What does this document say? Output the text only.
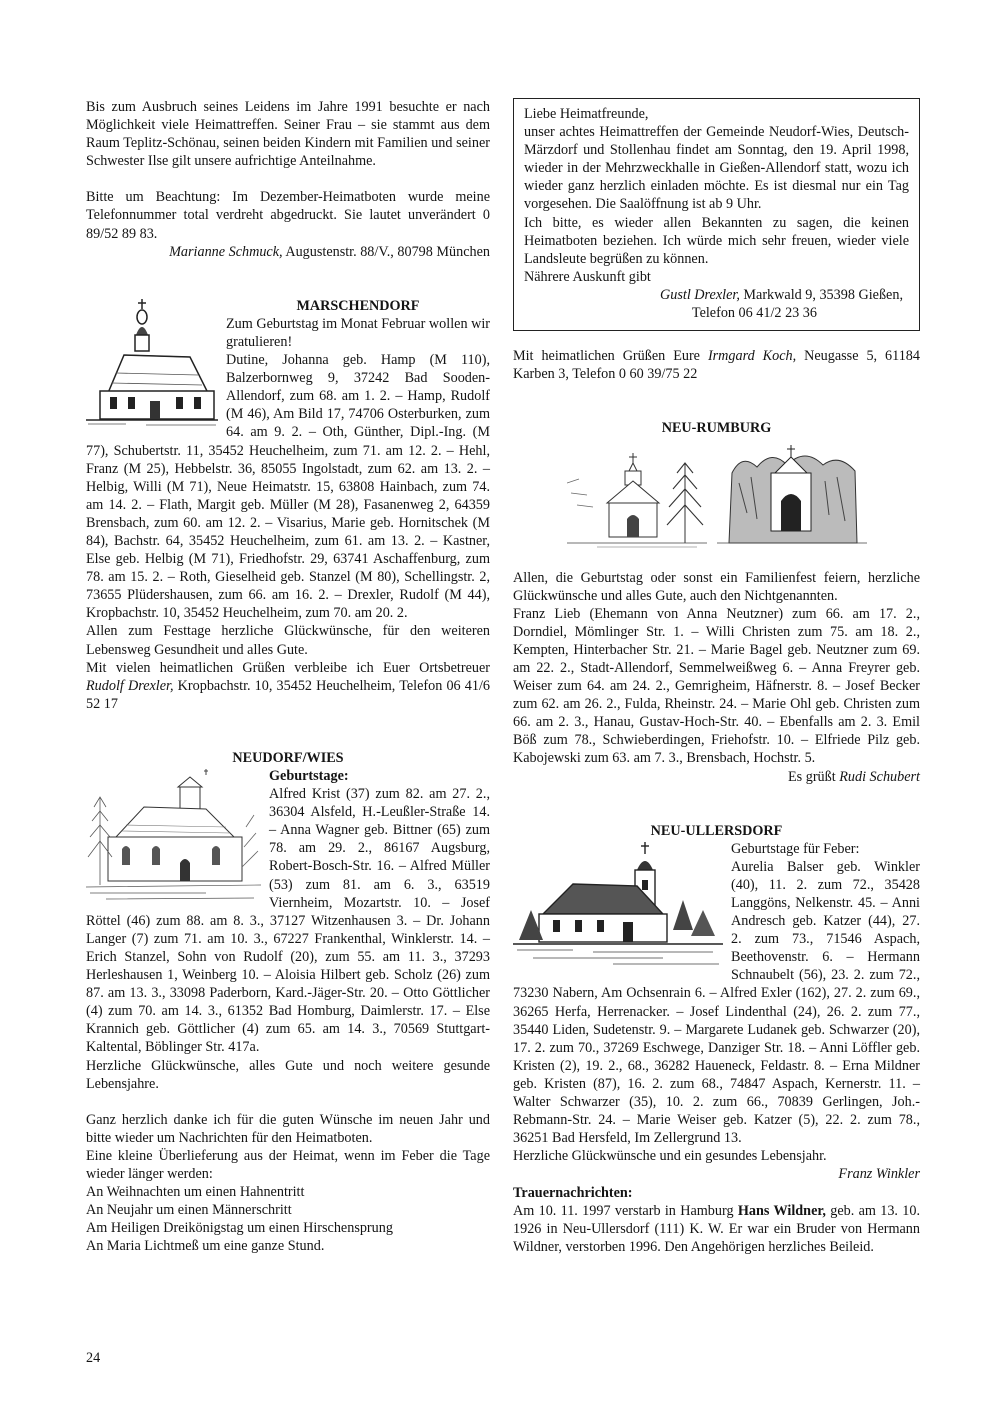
Bis zum Ausbruch seines Leidens im Jahre 1991 besuchte er nach Möglichkeit viele Heimattreffen. Seiner Frau – sie stammt aus dem Raum Teplitz-Schönau, seinen beiden Kindern mit Familien und seiner Schwester Ilse gilt unsere aufrichtige Anteilnahme.

Bitte um Beachtung: Im Dezember-Heimatboten wurde meine Telefonnummer total verdreht abgedruckt. Sie lautet unverändert 0 89/52 89 83.

Marianne Schmuck, Augustenstr. 88/V., 80798 München

MARSCHENDORF

Zum Geburtstag im Monat Februar wollen wir gratulieren!

Dutine, Johanna geb. Hamp (M 110), Balzerbornweg 9, 37242 Bad Sooden-Allendorf, zum 68. am 1. 2. – Hamp, Rudolf (M 46), Am Bild 17, 74706 Osterburken, zum 64. am 9. 2. – Oth, Günther, Dipl.-Ing. (M 77), Schubertstr. 11, 35452 Heuchelheim, zum 71. am 12. 2. – Hehl, Franz (M 25), Hebbelstr. 36, 85055 Ingolstadt, zum 62. am 13. 2. – Helbig, Willi (M 71), Neue Heimatstr. 15, 63808 Hainbach, zum 74. am 14. 2. – Flath, Margit geb. Müller (M 28), Fasanenweg 2, 64359 Brensbach, zum 60. am 12. 2. – Visarius, Marie geb. Hornitschek (M 84), Bachstr. 64, 35452 Heuchelheim, zum 61. am 13. 2. – Kastner, Else geb. Helbig (M 71), Friedhofstr. 29, 63741 Aschaffenburg, zum 78. am 15. 2. – Roth, Gieselheid geb. Stanzel (M 80), Schellingstr. 2, 73655 Plüdershausen, zum 66. am 16. 2. – Drexler, Rudolf (M 44), Kropbachstr. 10, 35452 Heuchelheim, zum 70. am 20. 2.

Allen zum Festtage herzliche Glückwünsche, für den weiteren Lebensweg Gesundheit und alles Gute.

Mit vielen heimatlichen Grüßen verbleibe ich Euer Ortsbetreuer Rudolf Drexler, Kropbachstr. 10, 35452 Heuchelheim, Telefon 06 41/6 52 17

NEUDORF/WIES

Geburtstage:

Alfred Krist (37) zum 82. am 27. 2., 36304 Alsfeld, H.-Leußler-Straße 14. – Anna Wagner geb. Bittner (65) zum 78. am 29. 2., 86167 Augsburg, Robert-Bosch-Str. 16. – Alfred Müller (53) zum 81. am 6. 3., 63519 Viernheim, Mozartstr. 10. – Josef Röttel (46) zum 88. am 8. 3., 37127 Witzenhausen 3. – Dr. Johann Langer (7) zum 71. am 10. 3., 67227 Frankenthal, Winklerstr. 14. – Erich Stanzel, Sohn von Rudolf (20), zum 55. am 11. 3., 37293 Herleshausen 1, Weinberg 10. – Aloisia Hilbert geb. Scholz (26) zum 87. am 13. 3., 33098 Paderborn, Kard.-Jäger-Str. 20. – Otto Göttlicher (4) zum 70. am 14. 3., 61352 Bad Homburg, Daimlerstr. 17. – Else Krannich geb. Göttlicher (4) zum 65. am 14. 3., 70569 Stuttgart-Kaltental, Böblinger Str. 417a.

Herzliche Glückwünsche, alles Gute und noch weitere gesunde Lebensjahre.

Ganz herzlich danke ich für die guten Wünsche im neuen Jahr und bitte wieder um Nachrichten für den Heimatboten.

Eine kleine Überlieferung aus der Heimat, wenn im Feber die Tage wieder länger werden:

An Weihnachten um einen Hahnentritt
An Neujahr um einen Männerschritt
Am Heiligen Dreikönigstag um einen Hirschensprung
An Maria Lichtmeß um eine ganze Stund.

Liebe Heimatfreunde,

unser achtes Heimattreffen der Gemeinde Neudorf-Wies, Deutsch-Märzdorf und Stollenhau findet am Sonntag, den 19. April 1998, wieder in der Mehrzweckhalle in Gießen-Allendorf statt, wozu ich wieder ganz herzlich einladen möchte. Es ist diesmal nur ein Tag vorgesehen. Die Saalöffnung ist ab 9 Uhr.

Ich bitte, es wieder allen Bekannten zu sagen, die keinen Heimatboten beziehen. Ich würde mich sehr freuen, wieder viele Landsleute begrüßen zu können.

Nährere Auskunft gibt

Gustl Drexler, Markwald 9, 35398 Gießen,
Telefon 06 41/2 23 36

Mit heimatlichen Grüßen Eure Irmgard Koch, Neugasse 5, 61184 Karben 3, Telefon 0 60 39/75 22

NEU-RUMBURG

Allen, die Geburtstag oder sonst ein Familienfest feiern, herzliche Glückwünsche und alles Gute, auch den Nichtgenannten.

Franz Lieb (Ehemann von Anna Neutzner) zum 66. am 17. 2., Dorndiel, Mömlinger Str. 1. – Willi Christen zum 75. am 18. 2., Kempten, Hinterbacher Str. 21. – Marie Bagel geb. Neutzner zum 69. am 22. 2., Stadt-Allendorf, Semmelweißweg 6. – Anna Freyrer geb. Weiser zum 64. am 24. 2., Gemrigheim, Häfnerstr. 8. – Josef Becker zum 62. am 26. 2., Fulda, Rheinstr. 24. – Marie Ohl geb. Christen zum 66. am 2. 3., Hanau, Gustav-Hoch-Str. 40. – Ebenfalls am 2. 3. Emil Böß zum 78., Schwieberdingen, Friehofstr. 10. – Elfriede Pilz geb. Kabojewski zum 63. am 7. 3., Brensbach, Hochstr. 5.

Es grüßt Rudi Schubert

NEU-ULLERSDORF

Geburtstage für Feber:

Aurelia Balser geb. Winkler (40), 11. 2. zum 72., 35428 Langgöns, Nelkenstr. 45. – Anni Andresch geb. Katzer (44), 27. 2. zum 73., 71546 Aspach, Beethovenstr. 6. – Hermann Schnaubelt (56), 23. 2. zum 72., 73230 Nabern, Am Ochsenrain 6. – Alfred Exler (162), 27. 2. zum 69., 36265 Herfa, Herrenacker. – Josef Lindenthal (24), 26. 2. zum 77., 35440 Liden, Sudetenstr. 9. – Margarete Ludanek geb. Schwarzer (20), 17. 2. zum 70., 37269 Eschwege, Danziger Str. 18. – Anni Löffler geb. Kristen (2), 19. 2., 68., 36282 Haueneck, Feldastr. 8. – Erna Mildner geb. Kristen (87), 16. 2. zum 68., 74847 Aspach, Kernerstr. 11. – Walter Schwarzer (35), 10. 2. zum 66., 70839 Gerlingen, Joh.-Rebmann-Str. 24. – Marie Weiser geb. Katzer (5), 22. 2. zum 78., 36251 Bad Hersfeld, Im Zellergrund 13.

Herzliche Glückwünsche und ein gesundes Lebensjahr.

Franz Winkler

Trauernachrichten:

Am 10. 11. 1997 verstarb in Hamburg Hans Wildner, geb. am 13. 10. 1926 in Neu-Ullersdorf (111) K. W. Er war ein Bruder von Hermann Wildner, verstorben 1996. Den Angehörigen herzliches Beileid.

24
